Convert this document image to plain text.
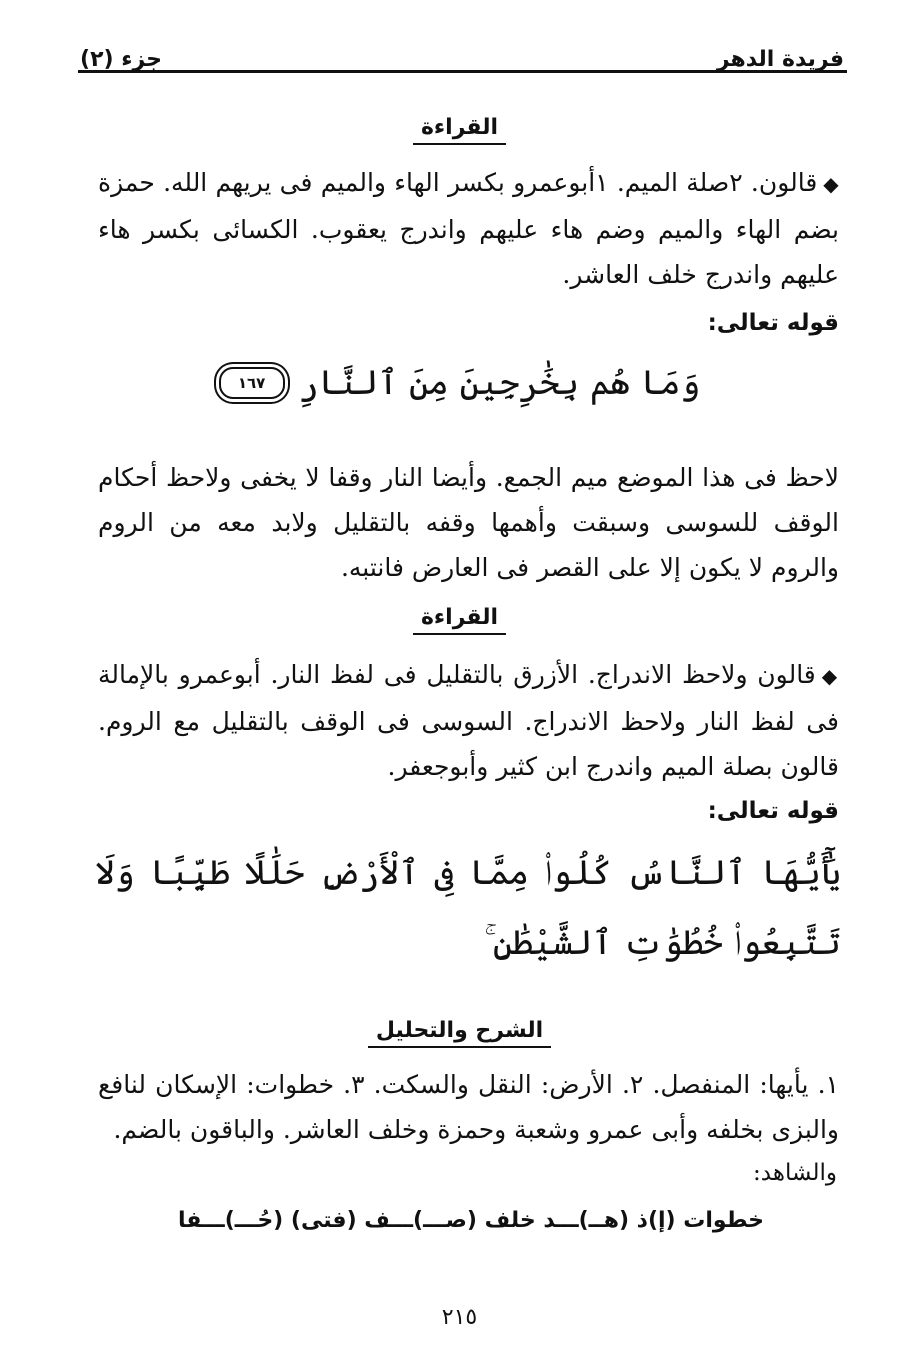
فريدة الدهر
جزء (٢)
القراءة
◆قالون. ٢صلة الميم. ١أبوعمرو بكسر الهاء والميم فى يريهم الله. حمزة بضم الهاء والميم وضم هاء عليهم واندرج يعقوب. الكسائى بكسر هاء عليهم واندرج خلف العاشر.
قوله تعالى:
وَمَا هُم بِخَٰرِجِينَ مِنَ ٱلنَّارِ
١٦٧
لاحظ فى هذا الموضع ميم الجمع. وأيضا النار وقفا لا يخفى ولاحظ أحكام الوقف للسوسى وسبقت وأهمها وقفه بالتقليل ولابد معه من الروم والروم لا يكون إلا على القصر فى العارض فانتبه.
القراءة
◆قالون ولاحظ الاندراج. الأزرق بالتقليل فى لفظ النار. أبوعمرو بالإمالة فى لفظ النار ولاحظ الاندراج. السوسى فى الوقف بالتقليل مع الروم. قالون بصلة الميم واندرج ابن كثير وأبوجعفر.
قوله تعالى:
يَٰٓأَيُّهَا ٱلنَّاسُ كُلُوا۟ مِمَّا فِى ٱلْأَرْضِ حَلَٰلًا طَيِّبًا وَلَا تَتَّبِعُوا۟ خُطُوَٰتِ ٱلشَّيْطَٰنِ ۚ
الشرح والتحليل
١. يأيها: المنفصل. ٢. الأرض: النقل والسكت. ٣. خطوات: الإسكان لنافع والبزى بخلفه وأبى عمرو وشعبة وحمزة وخلف العاشر. والباقون بالضم.
والشاهد:
خطوات (إ)ذ (هــ)ـــد خلف (صـــ)ـــف (فتى) (حُـــ)ـــفا
٢١٥
